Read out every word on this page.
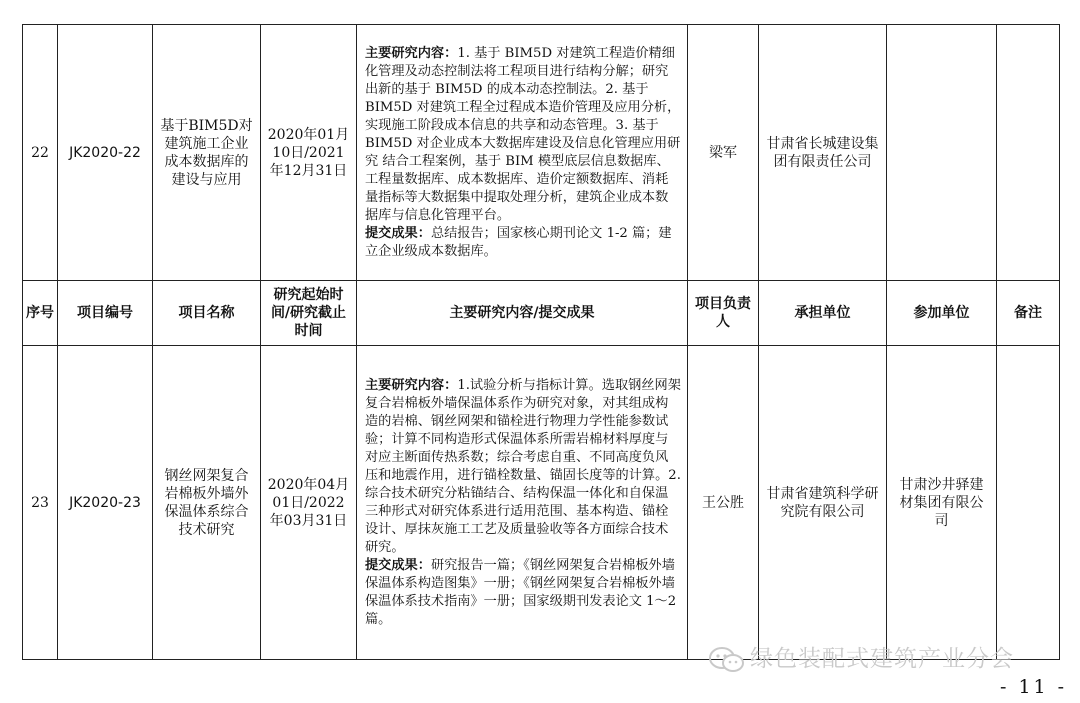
22	JK2020-22	基于BIM5D对建筑施工企业成本数据库的建设与应用	2020年01月10日/2021年12月31日	主要研究内容：1. 基于 BIM5D 对建筑工程造价精细化管理及动态控制法将工程项目进行结构分解；研究出新的基于 BIM5D 的成本动态控制法。2. 基于 BIM5D 对建筑工程全过程成本造价管理及应用分析，实现施工阶段成本信息的共享和动态管理。3. 基于 BIM5D 对企业成本大数据库建设及信息化管理应用研究 结合工程案例，基于 BIM 模型底层信息数据库、工程量数据库、成本数据库、造价定额数据库、消耗量指标等大数据集中提取处理分析，建筑企业成本数据库与信息化管理平台。
提交成果：总结报告；国家核心期刊论文 1-2 篇；建立企业级成本数据库。	梁军	甘肃省长城建设集团有限责任公司		
序号	项目编号	项目名称	研究起始时间/研究截止时间	主要研究内容/提交成果	项目负责人	承担单位	参加单位	备注
23	JK2020-23	钢丝网架复合岩棉板外墙外保温体系综合技术研究	2020年04月01日/2022年03月31日	主要研究内容：1.试验分析与指标计算。选取钢丝网架复合岩棉板外墙保温体系作为研究对象，对其组成构造的岩棉、钢丝网架和锚栓进行物理力学性能参数试验；计算不同构造形式保温体系所需岩棉材料厚度与对应主断面传热系数；综合考虑自重、不同高度负风压和地震作用，进行锚栓数量、锚固长度等的计算。2.综合技术研究分粘锚结合、结构保温一体化和自保温三种形式对研究体系进行适用范围、基本构造、锚栓设计、厚抹灰施工工艺及质量验收等各方面综合技术研究。
提交成果：研究报告一篇；《钢丝网架复合岩棉板外墙保温体系构造图集》一册；《钢丝网架复合岩棉板外墙保温体系技术指南》一册；国家级期刊发表论文 1～2 篇。	王公胜	甘肃省建筑科学研究院有限公司	甘肃沙井驿建材集团有限公司	
绿色装配式建筑产业分会
- 11 -
